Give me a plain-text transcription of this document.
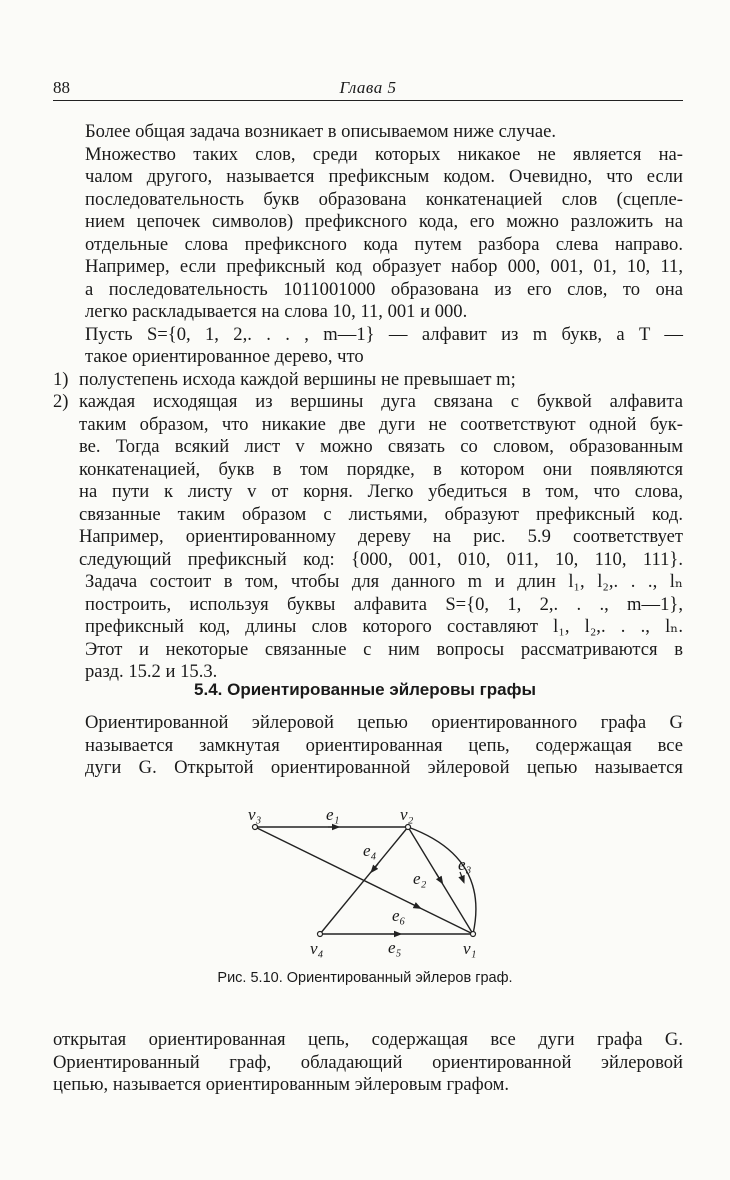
88	Глава 5

Более общая задача возникает в описываемом ниже случае.

Множество таких слов, среди которых никакое не является на-
чалом другого, называется префиксным кодом. Очевидно, что если
последовательность букв образована конкатенацией слов (сцепле-
нием цепочек символов) префиксного кода, его можно разложить на
отдельные слова префиксного кода путем разбора слева направо.
Например, если префиксный код образует набор 000, 001, 01, 10, 11,
а последовательность 1011001000 образована из его слов, то она
легко раскладывается на слова 10, 11, 001 и 000.

Пусть S={0, 1, 2,. . . , m—1} — алфавит из m букв, а T —
такое ориентированное дерево, что

1) полустепень исхода каждой вершины не превышает m;
2) каждая исходящая из вершины дуга связана с буквой алфавита
таким образом, что никакие две дуги не соответствуют одной бук-
ве. Тогда всякий лист v можно связать со словом, образованным
конкатенацией, букв в том порядке, в котором они появляются
на пути к листу v от корня. Легко убедиться в том, что слова,
связанные таким образом с листьями, образуют префиксный код.
Например, ориентированному дереву на рис. 5.9 соответствует
следующий префиксный код: {000, 001, 010, 011, 10, 110, 111}.

Задача состоит в том, чтобы для данного m и длин l₁, l₂,. . ., lₙ
построить, используя буквы алфавита S={0, 1, 2,. . ., m—1},
префиксный код, длины слов которого составляют l₁, l₂,. . ., lₙ.

Этот и некоторые связанные с ним вопросы рассматриваются в
разд. 15.2 и 15.3.

5.4. Ориентированные эйлеровы графы

Ориентированной эйлеровой цепью ориентированного графа G
называется замкнутая ориентированная цепь, содержащая все
дуги G. Открытой ориентированной эйлеровой цепью называется

v₃	v₂
v₄	v₁
e₁
e₂
e₃
e₄
e₅
e₆
Рис. 5.10. Ориентированный эйлеров граф.

открытая ориентированная цепь, содержащая все дуги графа G.
Ориентированный граф, обладающий ориентированной эйлеровой
цепью, называется ориентированным эйлеровым графом.
